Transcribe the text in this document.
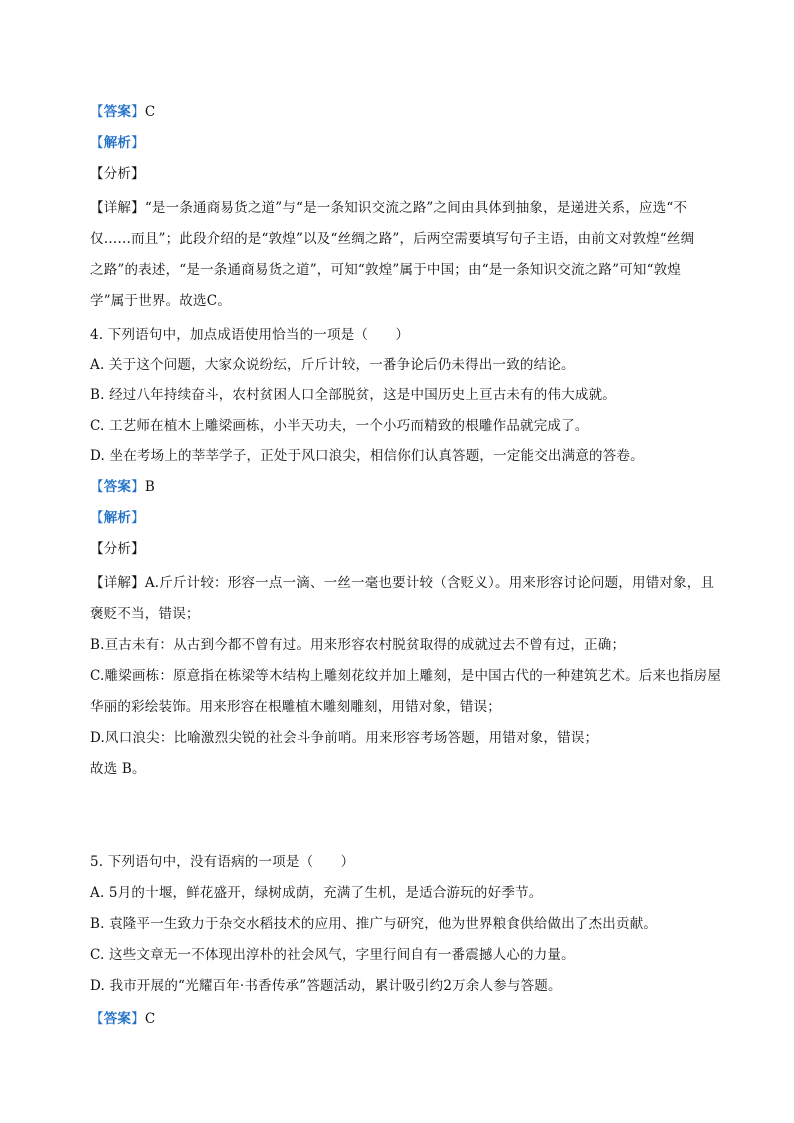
【答案】C
【解析】
【分析】
【详解】“是一条通商易货之道”与“是一条知识交流之路”之间由具体到抽象，是递进关系，应选“不
仅……而且”；此段介绍的是“敦煌”以及“丝绸之路”，后两空需要填写句子主语，由前文对敦煌“丝绸
之路”的表述，“是一条通商易货之道”，可知“敦煌”属于中国；由“是一条知识交流之路”可知“敦煌
学”属于世界。故选C。
4. 下列语句中，加点成语使用恰当的一项是（　　）
A. 关于这个问题，大家众说纷纭，斤斤计较，一番争论后仍未得出一致的结论。
B. 经过八年持续奋斗，农村贫困人口全部脱贫，这是中国历史上亘古未有的伟大成就。
C. 工艺师在植木上雕梁画栋，小半天功夫，一个小巧而精致的根雕作品就完成了。
D. 坐在考场上的莘莘学子，正处于风口浪尖，相信你们认真答题，一定能交出满意的答卷。
【答案】B
【解析】
【分析】
【详解】A.斤斤计较：形容一点一滴、一丝一毫也要计较（含贬义）。用来形容讨论问题，用错对象，且
褒贬不当，错误；
B.亘古未有：从古到今都不曾有过。用来形容农村脱贫取得的成就过去不曾有过，正确；
C.雕梁画栋：原意指在栋梁等木结构上雕刻花纹并加上雕刻，是中国古代的一种建筑艺术。后来也指房屋
华丽的彩绘装饰。用来形容在根雕植木雕刻雕刻，用错对象，错误；
D.风口浪尖：比喻激烈尖锐的社会斗争前哨。用来形容考场答题，用错对象，错误；
故选 B。
5. 下列语句中，没有语病的一项是（　　）
A. 5月的十堰，鲜花盛开，绿树成荫，充满了生机，是适合游玩的好季节。
B. 袁隆平一生致力于杂交水稻技术的应用、推广与研究，他为世界粮食供给做出了杰出贡献。
C. 这些文章无一不体现出淳朴的社会风气，字里行间自有一番震撼人心的力量。
D. 我市开展的“光耀百年·书香传承”答题活动，累计吸引约2万余人参与答题。
【答案】C
